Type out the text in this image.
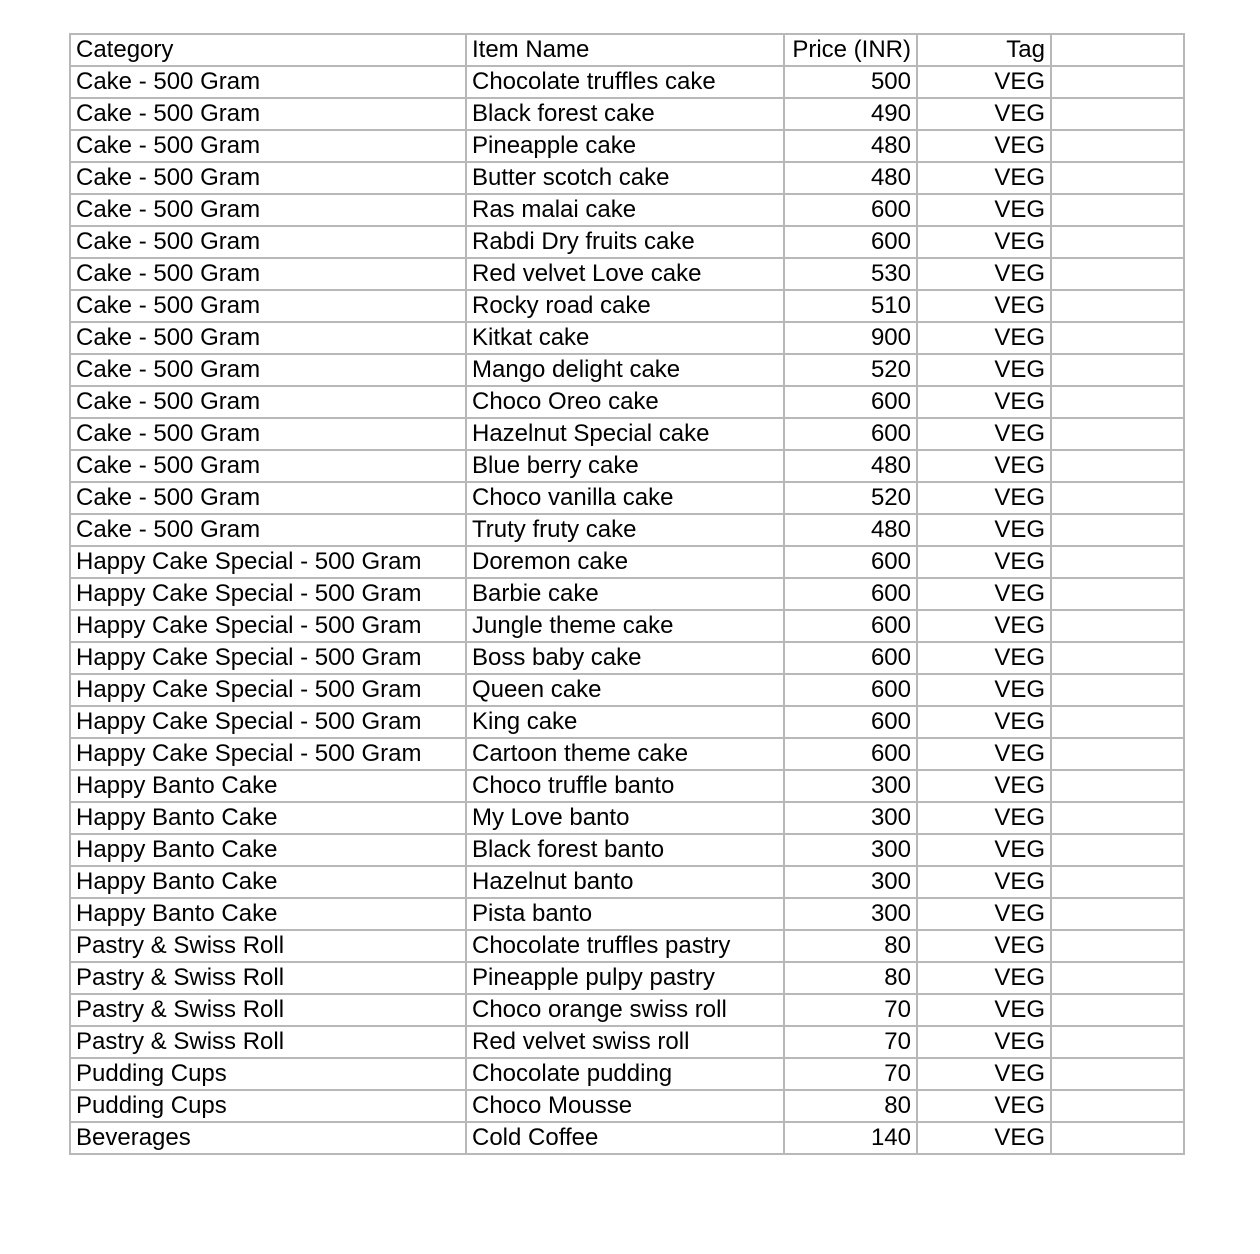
Category	Item Name	Price (INR)	Tag	
Cake - 500 Gram	Chocolate truffles cake	500	VEG	
Cake - 500 Gram	Black forest cake	490	VEG	
Cake - 500 Gram	Pineapple cake	480	VEG	
Cake - 500 Gram	Butter scotch cake	480	VEG	
Cake - 500 Gram	Ras malai cake	600	VEG	
Cake - 500 Gram	Rabdi Dry fruits cake	600	VEG	
Cake - 500 Gram	Red velvet Love cake	530	VEG	
Cake - 500 Gram	Rocky road cake	510	VEG	
Cake - 500 Gram	Kitkat cake	900	VEG	
Cake - 500 Gram	Mango delight cake	520	VEG	
Cake - 500 Gram	Choco Oreo cake	600	VEG	
Cake - 500 Gram	Hazelnut Special cake	600	VEG	
Cake - 500 Gram	Blue berry cake	480	VEG	
Cake - 500 Gram	Choco vanilla cake	520	VEG	
Cake - 500 Gram	Truty fruty cake	480	VEG	
Happy Cake Special - 500 Gram	Doremon cake	600	VEG	
Happy Cake Special - 500 Gram	Barbie cake	600	VEG	
Happy Cake Special - 500 Gram	Jungle theme cake	600	VEG	
Happy Cake Special - 500 Gram	Boss baby cake	600	VEG	
Happy Cake Special - 500 Gram	Queen cake	600	VEG	
Happy Cake Special - 500 Gram	King cake	600	VEG	
Happy Cake Special - 500 Gram	Cartoon theme cake	600	VEG	
Happy Banto Cake	Choco truffle banto	300	VEG	
Happy Banto Cake	My Love banto	300	VEG	
Happy Banto Cake	Black forest banto	300	VEG	
Happy Banto Cake	Hazelnut banto	300	VEG	
Happy Banto Cake	Pista banto	300	VEG	
Pastry & Swiss Roll	Chocolate truffles pastry	80	VEG	
Pastry & Swiss Roll	Pineapple pulpy pastry	80	VEG	
Pastry & Swiss Roll	Choco orange swiss roll	70	VEG	
Pastry & Swiss Roll	Red velvet swiss roll	70	VEG	
Pudding Cups	Chocolate pudding	70	VEG	
Pudding Cups	Choco Mousse	80	VEG	
Beverages	Cold Coffee	140	VEG	
